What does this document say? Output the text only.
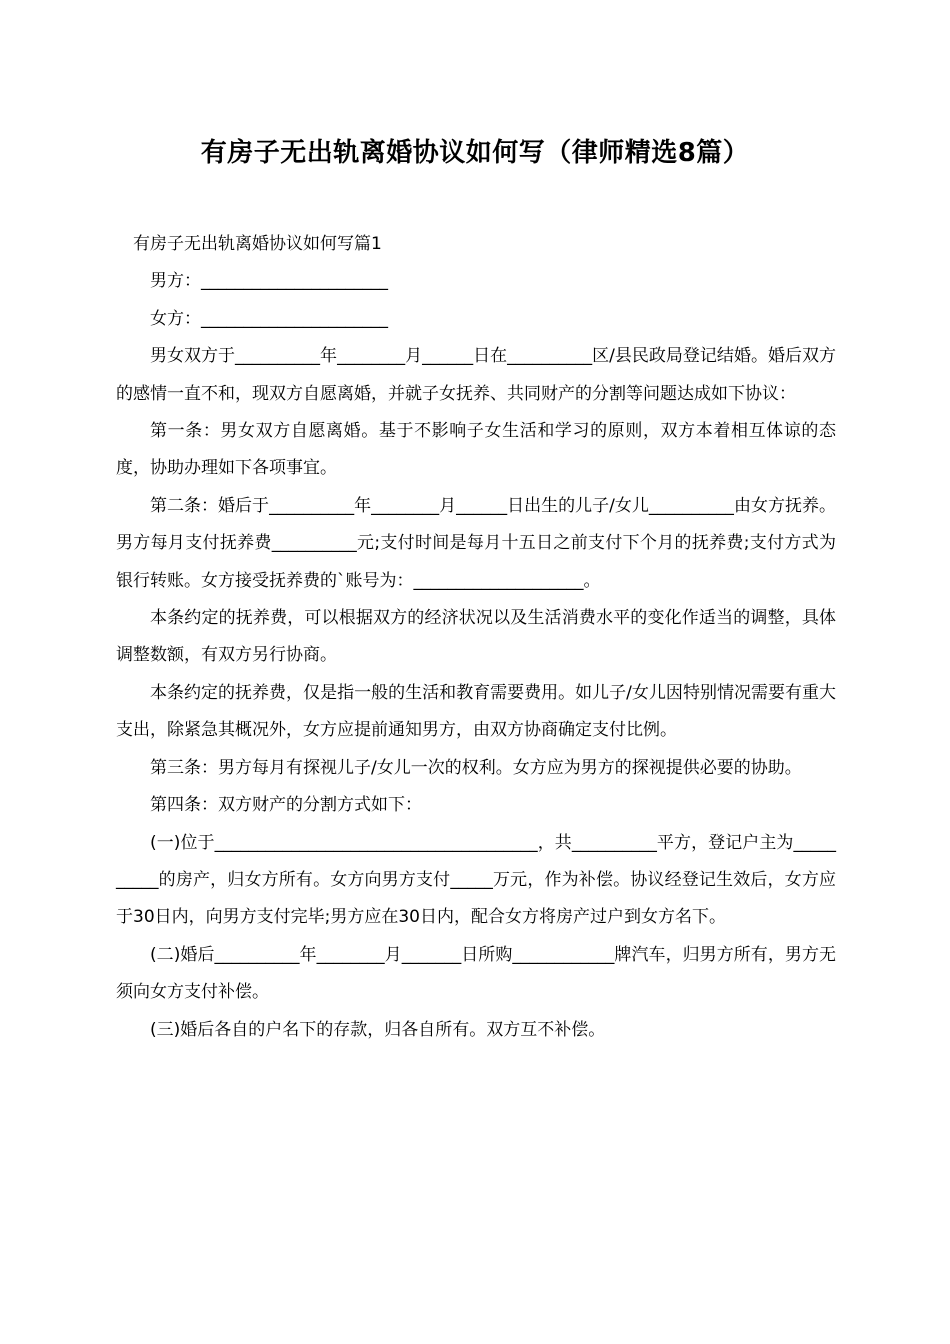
有房子无出轨离婚协议如何写（律师精选8篇）

有房子无出轨离婚协议如何写篇1

男方：______________________

女方：______________________

男女双方于__________年________月______日在__________区/县民政局登记结婚。婚后双方的感情一直不和，现双方自愿离婚，并就子女抚养、共同财产的分割等问题达成如下协议：

第一条：男女双方自愿离婚。基于不影响子女生活和学习的原则，双方本着相互体谅的态度，协助办理如下各项事宜。

第二条：婚后于__________年________月______日出生的儿子/女儿__________由女方抚养。男方每月支付抚养费__________元;支付时间是每月十五日之前支付下个月的抚养费;支付方式为银行转账。女方接受抚养费的`账号为：____________________。

本条约定的抚养费，可以根据双方的经济状况以及生活消费水平的变化作适当的调整，具体调整数额，有双方另行协商。

本条约定的抚养费，仅是指一般的生活和教育需要费用。如儿子/女儿因特别情况需要有重大支出，除紧急其概况外，女方应提前通知男方，由双方协商确定支付比例。

第三条：男方每月有探视儿子/女儿一次的权利。女方应为男方的探视提供必要的协助。

第四条：双方财产的分割方式如下：

(一)位于______________________________________，共__________平方，登记户主为__________的房产，归女方所有。女方向男方支付_____万元，作为补偿。协议经登记生效后，女方应于30日内，向男方支付完毕;男方应在30日内，配合女方将房产过户到女方名下。

(二)婚后__________年________月_______日所购____________牌汽车，归男方所有，男方无须向女方支付补偿。

(三)婚后各自的户名下的存款，归各自所有。双方互不补偿。
